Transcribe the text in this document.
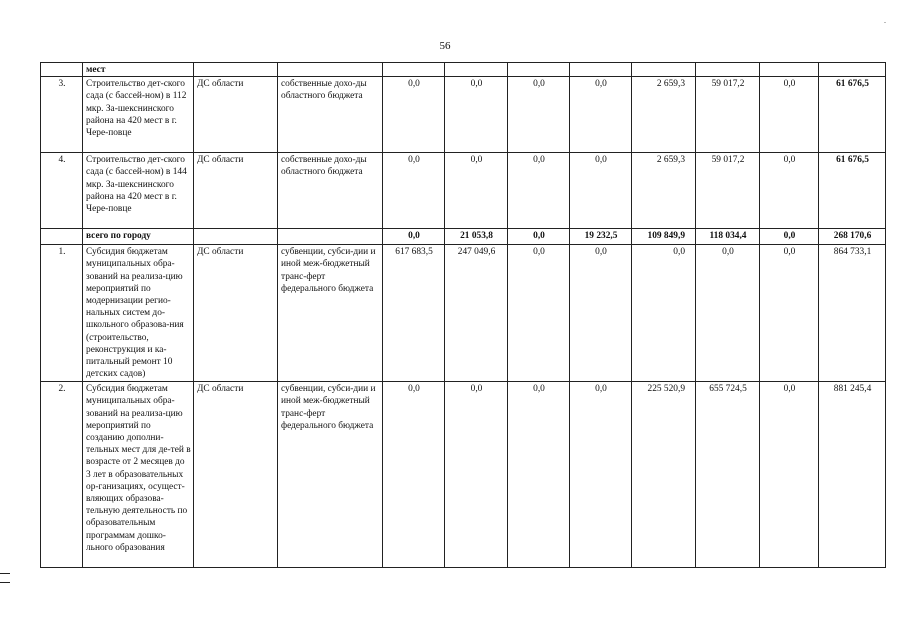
56
	мест										
3.	Строительство дет-ского сада (с бассей-ном) в 112 мкр. За-шекснинского района на 420 мест в г. Чере-повце	ДС области	собственные дохо-ды областного бюджета	0,0	0,0	0,0	0,0	2 659,3	59 017,2	0,0	61 676,5
4.	Строительство дет-ского сада (с бассей-ном) в 144 мкр. За-шекснинского района на 420 мест в г. Чере-повце	ДС области	собственные дохо-ды областного бюджета	0,0	0,0	0,0	0,0	2 659,3	59 017,2	0,0	61 676,5
	всего по городу			0,0	21 053,8	0,0	19 232,5	109 849,9	118 034,4	0,0	268 170,6
1.	Субсидия бюджетам муниципальных обра-зований на реализа-цию мероприятий по модернизации регио-нальных систем до-школьного образова-ния (строительство, реконструкция и ка-питальный ремонт 10 детских садов)	ДС области	субвенции, субси-дии и иной меж-бюджетный транс-ферт федерального бюджета	617 683,5	247 049,6	0,0	0,0	0,0	0,0	0,0	864 733,1
2.	Субсидия бюджетам муниципальных обра-зований на реализа-цию мероприятий по созданию дополни-тельных мест для де-тей в возрасте от 2 месяцев до 3 лет в образовательных ор-ганизациях, осущест-вляющих образова-тельную деятельность по образовательным программам дошко-льного образования	ДС области	субвенции, субси-дии и иной меж-бюджетный транс-ферт федерального бюджета	0,0	0,0	0,0	0,0	225 520,9	655 724,5	0,0	881 245,4
